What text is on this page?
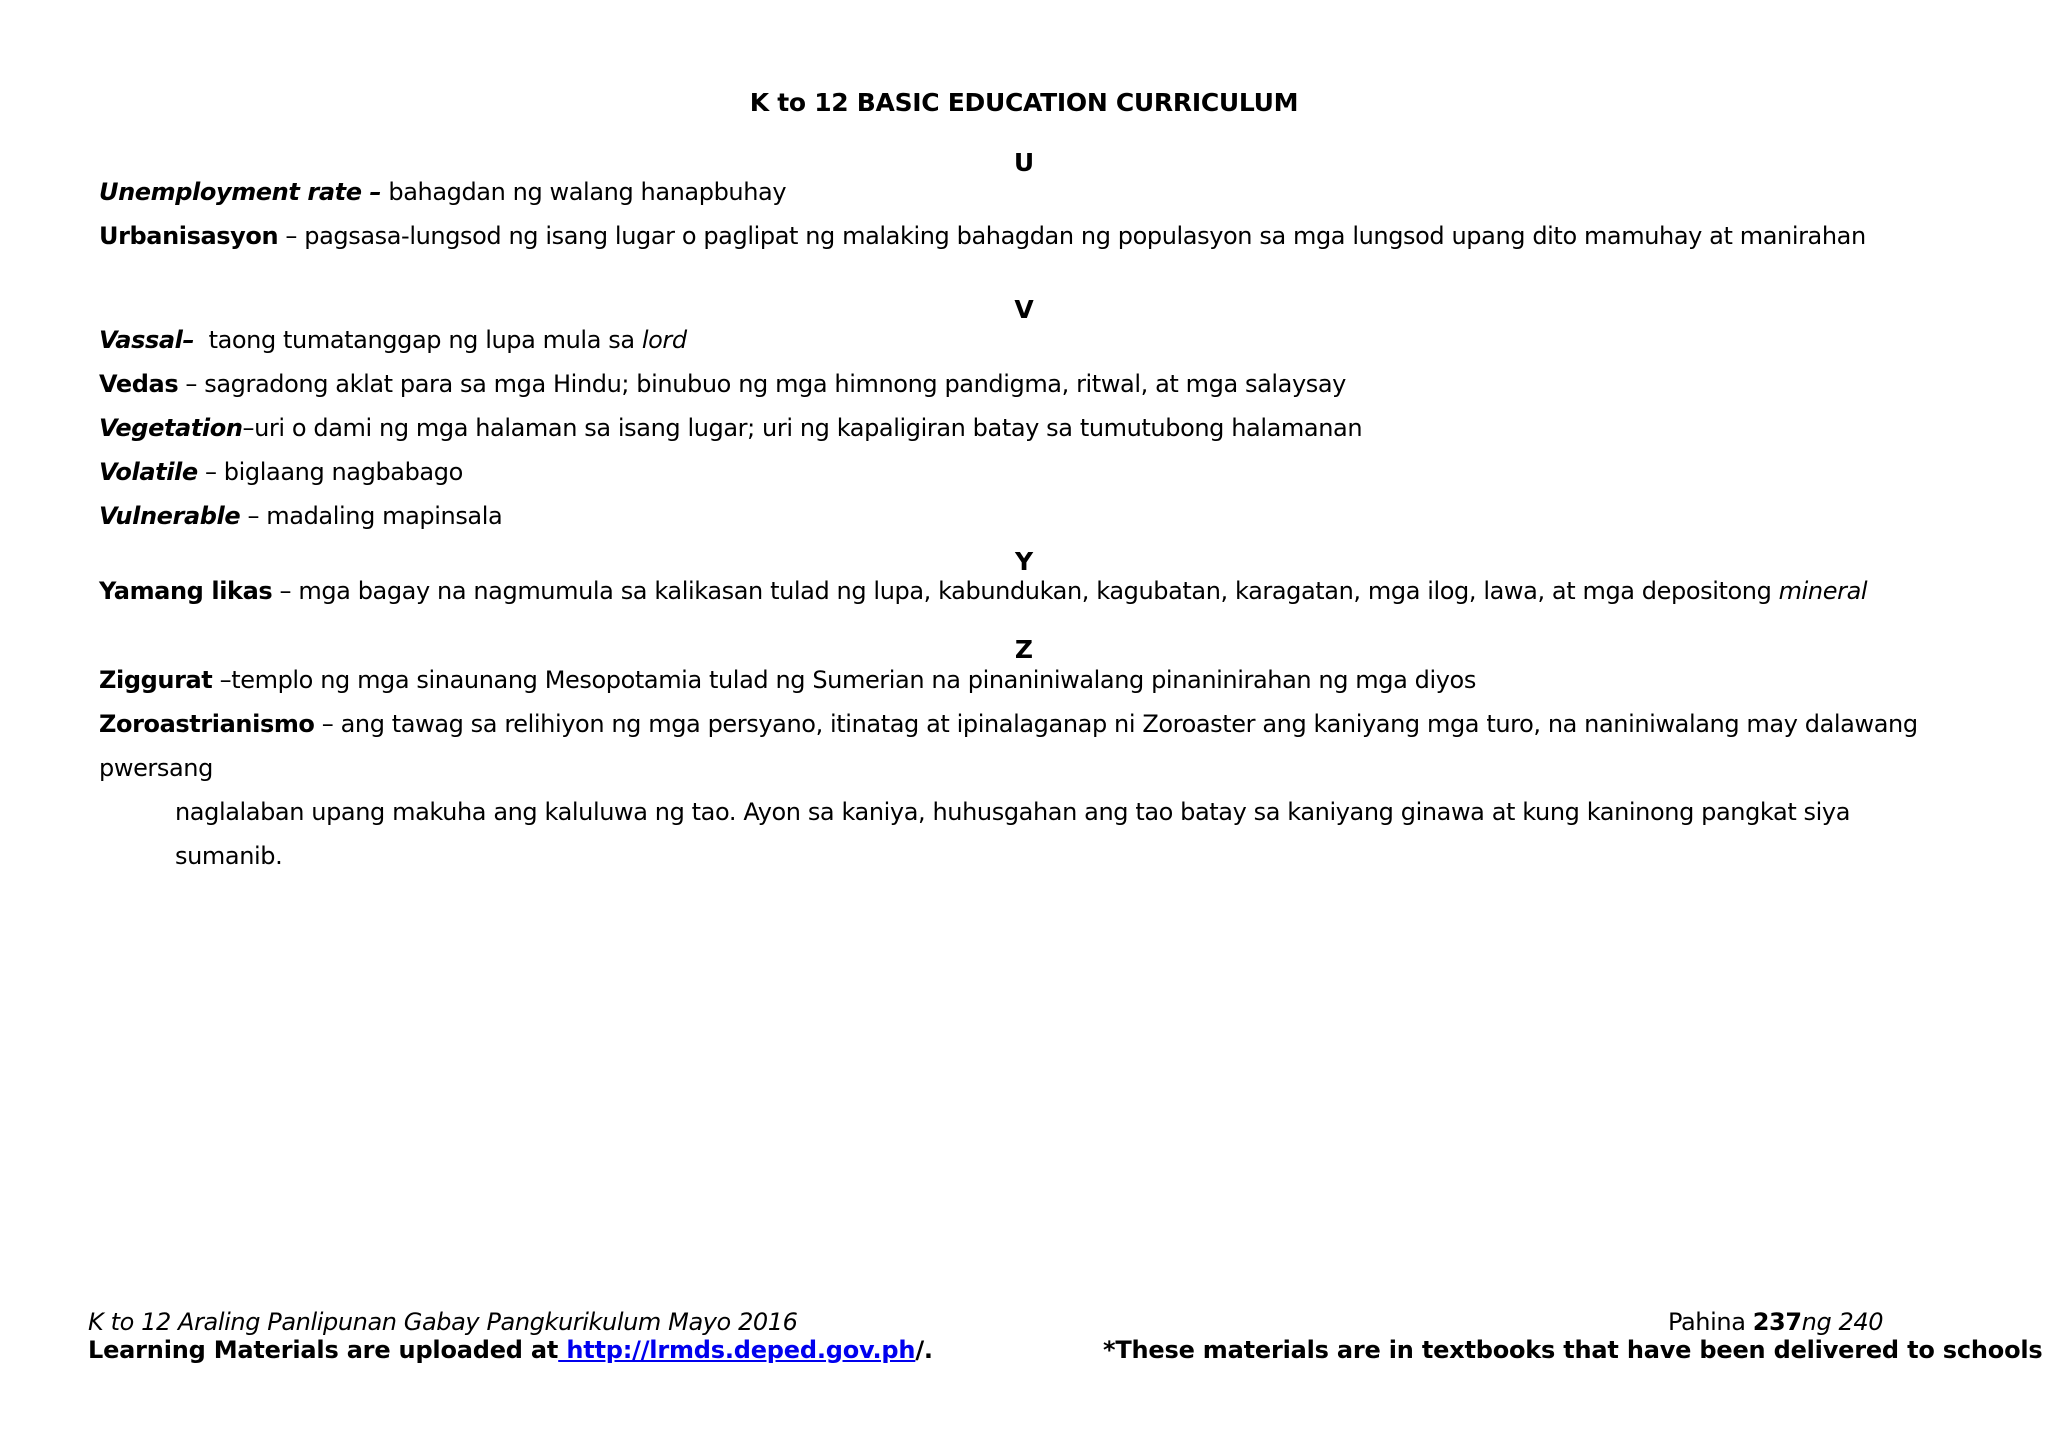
K to 12 BASIC EDUCATION CURRICULUM
U
Unemployment rate – bahagdan ng walang hanapbuhay
Urbanisasyon – pagsasa-lungsod ng isang lugar o paglipat ng malaking bahagdan ng populasyon sa mga lungsod upang dito mamuhay at manirahan
V
Vassal–  taong tumatanggap ng lupa mula sa lord
Vedas – sagradong aklat para sa mga Hindu; binubuo ng mga himnong pandigma, ritwal, at mga salaysay
Vegetation–uri o dami ng mga halaman sa isang lugar; uri ng kapaligiran batay sa tumutubong halamanan
Volatile – biglaang nagbabago
Vulnerable – madaling mapinsala
Y
Yamang likas – mga bagay na nagmumula sa kalikasan tulad ng lupa, kabundukan, kagubatan, karagatan, mga ilog, lawa, at mga depositong mineral
Z
Ziggurat –templo ng mga sinaunang Mesopotamia tulad ng Sumerian na pinaniniwalang pinaninirahan ng mga diyos
Zoroastrianismo – ang tawag sa relihiyon ng mga persyano, itinatag at ipinalaganap ni Zoroaster ang kaniyang mga turo, na naniniwalang may dalawang pwersang
naglalaban upang makuha ang kaluluwa ng tao. Ayon sa kaniya, huhusgahan ang tao batay sa kaniyang ginawa at kung kaninong pangkat siya sumanib.
K to 12 Araling Panlipunan Gabay Pangkurikulum Mayo 2016	Pahina 237ng 240
Learning Materials are uploaded at http://lrmds.deped.gov.ph/.	*These materials are in textbooks that have been delivered to schools
